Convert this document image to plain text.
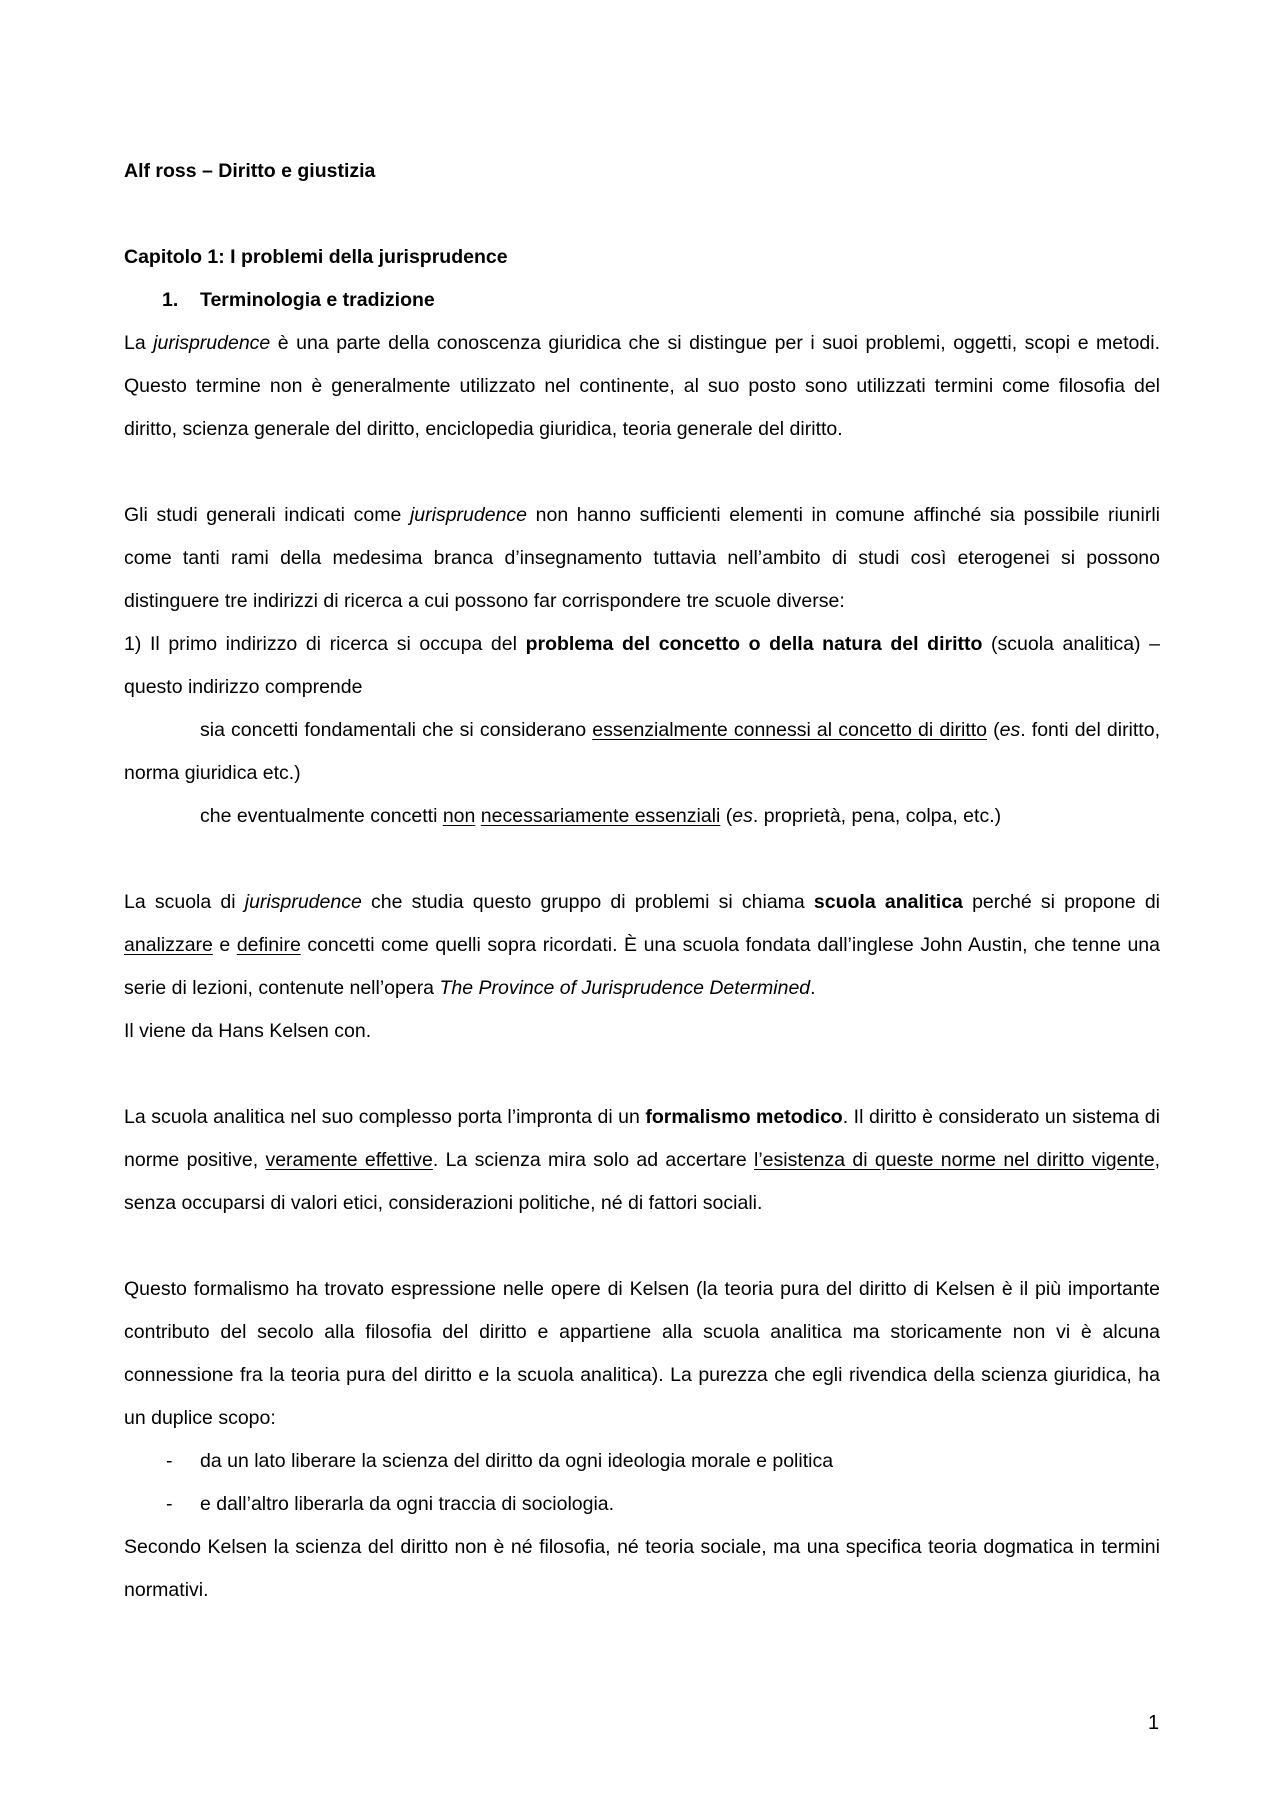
Alf ross – Diritto e giustizia

Capitolo 1: I problemi della jurisprudence

1. Terminologia e tradizione

La jurisprudence è una parte della conoscenza giuridica che si distingue per i suoi problemi, oggetti, scopi e metodi. Questo termine non è generalmente utilizzato nel continente, al suo posto sono utilizzati termini come filosofia del diritto, scienza generale del diritto, enciclopedia giuridica, teoria generale del diritto.

Gli studi generali indicati come jurisprudence non hanno sufficienti elementi in comune affinché sia possibile riunirli come tanti rami della medesima branca d’insegnamento tuttavia nell’ambito di studi così eterogenei si possono distinguere tre indirizzi di ricerca a cui possono far corrispondere tre scuole diverse:

1) Il primo indirizzo di ricerca si occupa del problema del concetto o della natura del diritto (scuola analitica) – questo indirizzo comprende

sia concetti fondamentali che si considerano essenzialmente connessi al concetto di diritto (es. fonti del diritto, norma giuridica etc.)

che eventualmente concetti non necessariamente essenziali (es. proprietà, pena, colpa, etc.)

La scuola di jurisprudence che studia questo gruppo di problemi si chiama scuola analitica perché si propone di analizzare e definire concetti come quelli sopra ricordati. È una scuola fondata dall’inglese John Austin, che tenne una serie di lezioni, contenute nell’opera The Province of Jurisprudence Determined.

Il viene da Hans Kelsen con.

La scuola analitica nel suo complesso porta l’impronta di un formalismo metodico. Il diritto è considerato un sistema di norme positive, veramente effettive. La scienza mira solo ad accertare l’esistenza di queste norme nel diritto vigente, senza occuparsi di valori etici, considerazioni politiche, né di fattori sociali.

Questo formalismo ha trovato espressione nelle opere di Kelsen (la teoria pura del diritto di Kelsen è il più importante contributo del secolo alla filosofia del diritto e appartiene alla scuola analitica ma storicamente non vi è alcuna connessione fra la teoria pura del diritto e la scuola analitica). La purezza che egli rivendica della scienza giuridica, ha un duplice scopo:

-	da un lato liberare la scienza del diritto da ogni ideologia morale e politica
-	e dall’altro liberarla da ogni traccia di sociologia.

Secondo Kelsen la scienza del diritto non è né filosofia, né teoria sociale, ma una specifica teoria dogmatica in termini normativi.

1
